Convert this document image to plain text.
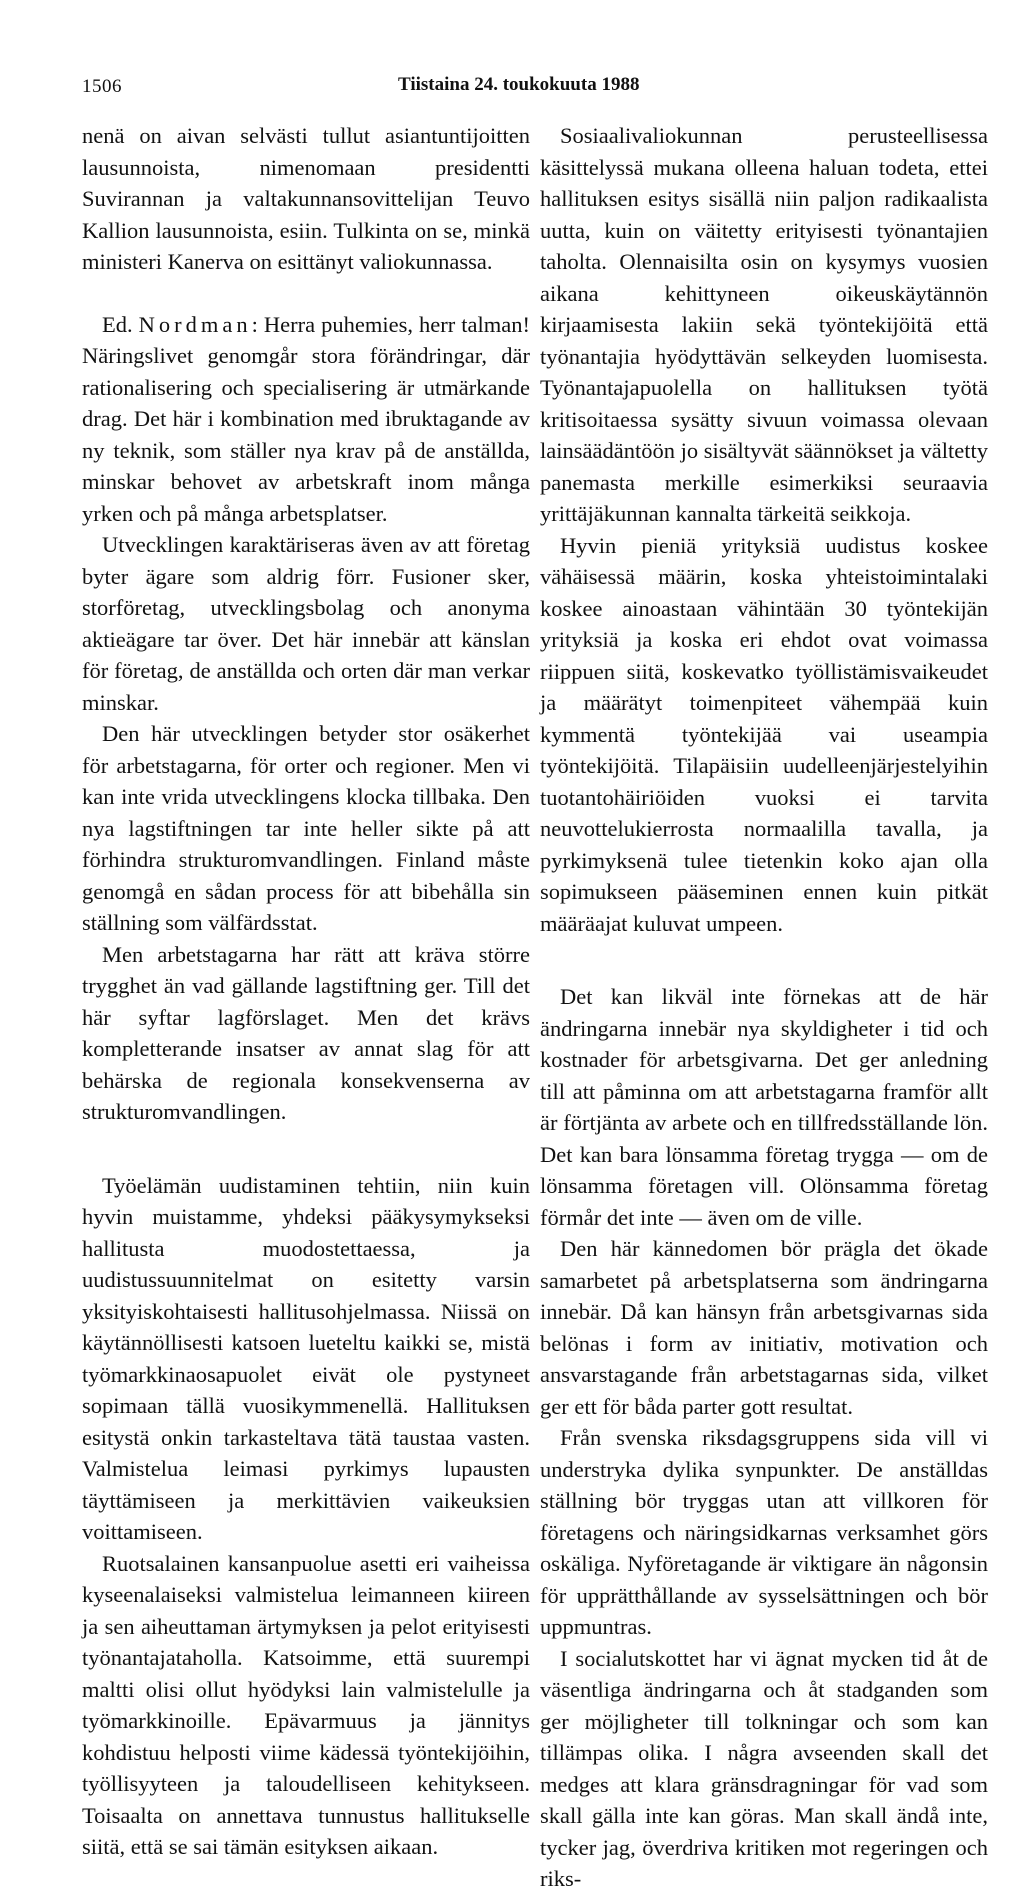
1506	Tiistaina 24. toukokuuta 1988

nenä on aivan selvästi tullut asiantuntijoitten lausunnoista, nimenomaan presidentti Suvirannan ja valtakunnansovittelijan Teuvo Kallion lausunnoista, esiin. Tulkinta on se, minkä ministeri Kanerva on esittänyt valiokunnassa.

Ed. Nordman: Herra puhemies, herr talman! Näringslivet genomgår stora förändringar, där rationalisering och specialisering är utmärkande drag. Det här i kombination med ibruktagande av ny teknik, som ställer nya krav på de anställda, minskar behovet av arbetskraft inom många yrken och på många arbetsplatser.

Utvecklingen karaktäriseras även av att företag byter ägare som aldrig förr. Fusioner sker, storföretag, utvecklingsbolag och anonyma aktieägare tar över. Det här innebär att känslan för företag, de anställda och orten där man verkar minskar.

Den här utvecklingen betyder stor osäkerhet för arbetstagarna, för orter och regioner. Men vi kan inte vrida utvecklingens klocka tillbaka. Den nya lagstiftningen tar inte heller sikte på att förhindra strukturomvandlingen. Finland måste genomgå en sådan process för att bibehålla sin ställning som välfärdsstat.

Men arbetstagarna har rätt att kräva större trygghet än vad gällande lagstiftning ger. Till det här syftar lagförslaget. Men det krävs kompletterande insatser av annat slag för att behärska de regionala konsekvenserna av strukturomvandlingen.

Työelämän uudistaminen tehtiin, niin kuin hyvin muistamme, yhdeksi pääkysymykseksi hallitusta muodostettaessa, ja uudistussuunnitelmat on esitetty varsin yksityiskohtaisesti hallitusohjelmassa. Niissä on käytännöllisesti katsoen lueteltu kaikki se, mistä työmarkkinaosapuolet eivät ole pystyneet sopimaan tällä vuosikymmenellä. Hallituksen esitystä onkin tarkasteltava tätä taustaa vasten. Valmistelua leimasi pyrkimys lupausten täyttämiseen ja merkittävien vaikeuksien voittamiseen.

Ruotsalainen kansanpuolue asetti eri vaiheissa kyseenalaiseksi valmistelua leimanneen kiireen ja sen aiheuttaman ärtymyksen ja pelot erityisesti työnantajataholla. Katsoimme, että suurempi maltti olisi ollut hyödyksi lain valmistelulle ja työmarkkinoille. Epävarmuus ja jännitys kohdistuu helposti viime kädessä työntekijöihin, työllisyyteen ja taloudelliseen kehitykseen. Toisaalta on annettava tunnustus hallitukselle siitä, että se sai tämän esityksen aikaan.

Sosiaalivaliokunnan perusteellisessa käsittelyssä mukana olleena haluan todeta, ettei hallituksen esitys sisällä niin paljon radikaalista uutta, kuin on väitetty erityisesti työnantajien taholta. Olennaisilta osin on kysymys vuosien aikana kehittyneen oikeuskäytännön kirjaamisesta lakiin sekä työntekijöitä että työnantajia hyödyttävän selkeyden luomisesta. Työnantajapuolella on hallituksen työtä kritisoitaessa sysätty sivuun voimassa olevaan lainsäädäntöön jo sisältyvät säännökset ja vältetty panemasta merkille esimerkiksi seuraavia yrittäjäkunnan kannalta tärkeitä seikkoja.

Hyvin pieniä yrityksiä uudistus koskee vähäisessä määrin, koska yhteistoimintalaki koskee ainoastaan vähintään 30 työntekijän yrityksiä ja koska eri ehdot ovat voimassa riippuen siitä, koskevatko työllistämisvaikeudet ja määrätyt toimenpiteet vähempää kuin kymmentä työntekijää vai useampia työntekijöitä. Tilapäisiin uudelleenjärjestelyihin tuotantohäiriöiden vuoksi ei tarvita neuvottelukierrosta normaalilla tavalla, ja pyrkimyksenä tulee tietenkin koko ajan olla sopimukseen pääseminen ennen kuin pitkät määräajat kuluvat umpeen.

Det kan likväl inte förnekas att de här ändringarna innebär nya skyldigheter i tid och kostnader för arbetsgivarna. Det ger anledning till att påminna om att arbetstagarna framför allt är förtjänta av arbete och en tillfredsställande lön. Det kan bara lönsamma företag trygga — om de lönsamma företagen vill. Olönsamma företag förmår det inte — även om de ville.

Den här kännedomen bör prägla det ökade samarbetet på arbetsplatserna som ändringarna innebär. Då kan hänsyn från arbetsgivarnas sida belönas i form av initiativ, motivation och ansvarstagande från arbetstagarnas sida, vilket ger ett för båda parter gott resultat.

Från svenska riksdagsgruppens sida vill vi understryka dylika synpunkter. De anställdas ställning bör tryggas utan att villkoren för företagens och näringsidkarnas verksamhet görs oskäliga. Nyföretagande är viktigare än någonsin för upprätthållande av sysselsättningen och bör uppmuntras.

I socialutskottet har vi ägnat mycken tid åt de väsentliga ändringarna och åt stadganden som ger möjligheter till tolkningar och som kan tillämpas olika. I några avseenden skall det medges att klara gränsdragningar för vad som skall gälla inte kan göras. Man skall ändå inte, tycker jag, överdriva kritiken mot regeringen och riks-
